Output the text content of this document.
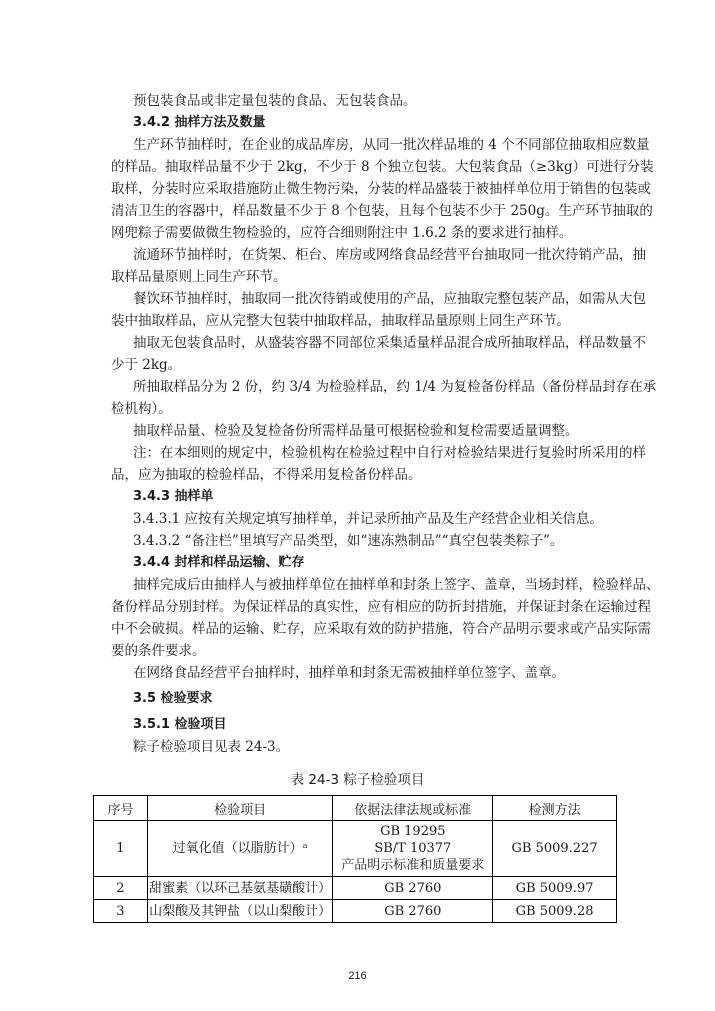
预包装食品或非定量包装的食品、无包装食品。
3.4.2 抽样方法及数量
生产环节抽样时，在企业的成品库房，从同一批次样品堆的 4 个不同部位抽取相应数量
的样品。抽取样品量不少于 2kg，不少于 8 个独立包装。大包装食品（≥3kg）可进行分装
取样，分装时应采取措施防止微生物污染，分装的样品盛装于被抽样单位用于销售的包装或
清洁卫生的容器中，样品数量不少于 8 个包装，且每个包装不少于 250g。生产环节抽取的
网兜粽子需要做微生物检验的，应符合细则附注中 1.6.2 条的要求进行抽样。
流通环节抽样时，在货架、柜台、库房或网络食品经营平台抽取同一批次待销产品，抽
取样品量原则上同生产环节。
餐饮环节抽样时，抽取同一批次待销或使用的产品，应抽取完整包装产品，如需从大包
装中抽取样品，应从完整大包装中抽取样品，抽取样品量原则上同生产环节。
抽取无包装食品时，从盛装容器不同部位采集适量样品混合成所抽取样品，样品数量不
少于 2kg。
所抽取样品分为 2 份，约 3/4 为检验样品，约 1/4 为复检备份样品（备份样品封存在承
检机构）。
抽取样品量、检验及复检备份所需样品量可根据检验和复检需要适量调整。
注：在本细则的规定中，检验机构在检验过程中自行对检验结果进行复验时所采用的样
品，应为抽取的检验样品，不得采用复检备份样品。
3.4.3 抽样单
3.4.3.1 应按有关规定填写抽样单，并记录所抽产品及生产经营企业相关信息。
3.4.3.2 “备注栏”里填写产品类型，如“速冻熟制品”“真空包装类粽子”。
3.4.4 封样和样品运输、贮存
抽样完成后由抽样人与被抽样单位在抽样单和封条上签字、盖章，当场封样，检验样品、
备份样品分别封样。为保证样品的真实性，应有相应的防折封措施，并保证封条在运输过程
中不会破损。样品的运输、贮存，应采取有效的防护措施，符合产品明示要求或产品实际需
要的条件要求。
在网络食品经营平台抽样时，抽样单和封条无需被抽样单位签字、盖章。
3.5 检验要求
3.5.1 检验项目
粽子检验项目见表 24-3。
表 24-3 粽子检验项目
序号	检验项目	依据法律法规或标准	检测方法
1	过氧化值（以脂肪计）ᵃ	GB 19295
SB/T 10377
产品明示标准和质量要求	GB 5009.227
2	甜蜜素（以环己基氨基磺酸计）	GB 2760	GB 5009.97
3	山梨酸及其钾盐（以山梨酸计）	GB 2760	GB 5009.28
216
